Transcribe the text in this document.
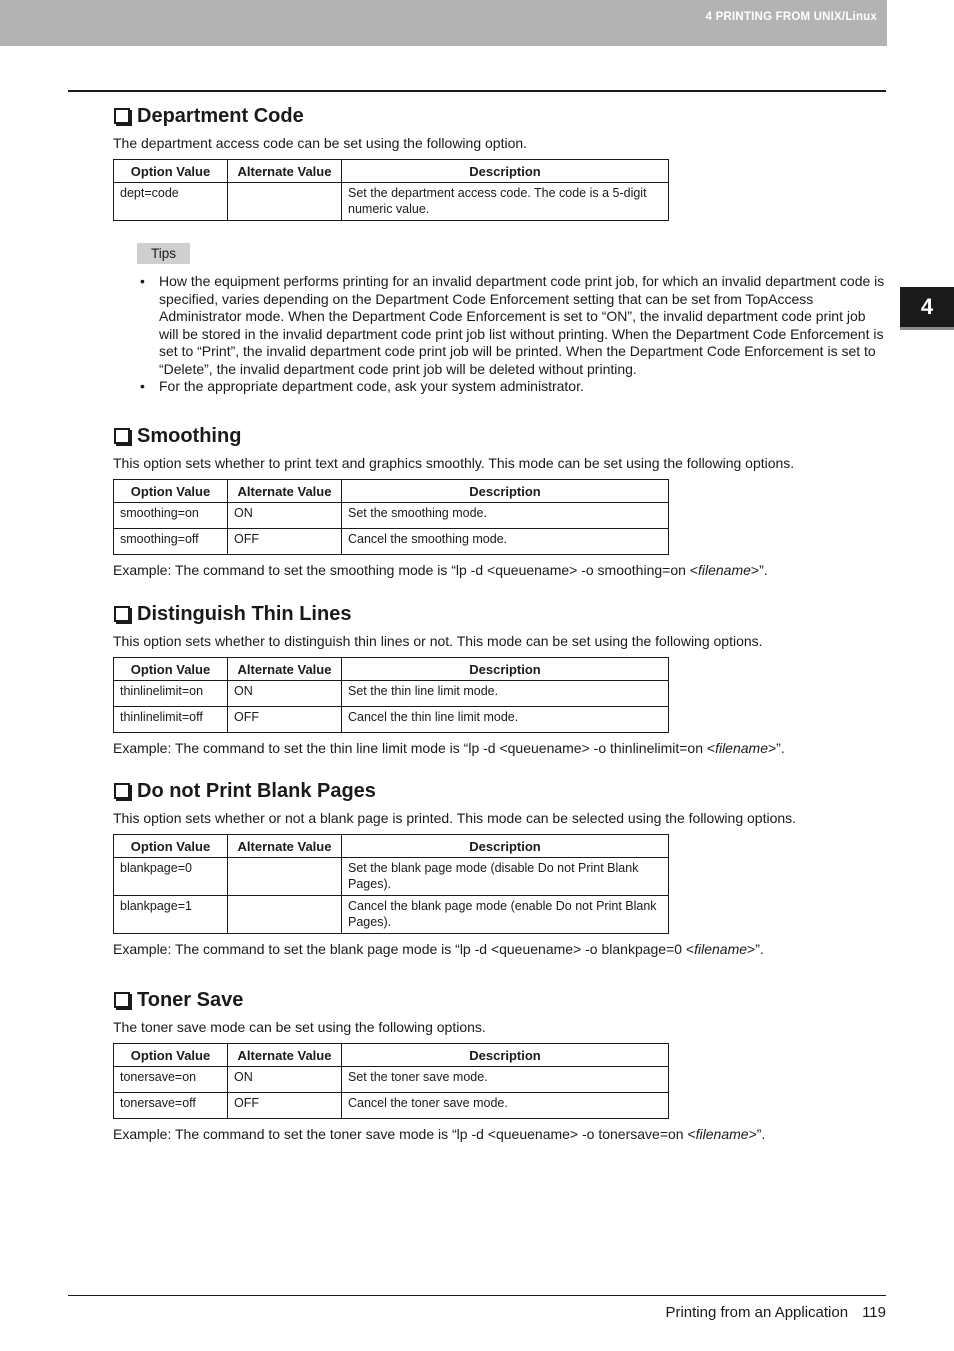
4 PRINTING FROM UNIX/Linux
4
Department Code
The department access code can be set using the following option.
Option Value	Alternate Value	Description
dept=code		Set the department access code. The code is a 5-digit numeric value.
Tips
• How the equipment performs printing for an invalid department code print job, for which an invalid department code is specified, varies depending on the Department Code Enforcement setting that can be set from TopAccess Administrator mode. When the Department Code Enforcement is set to “ON”, the invalid department code print job will be stored in the invalid department code print job list without printing. When the Department Code Enforcement is set to “Print”, the invalid department code print job will be printed. When the Department Code Enforcement is set to “Delete”, the invalid department code print job will be deleted without printing.
• For the appropriate department code, ask your system administrator.
Smoothing
This option sets whether to print text and graphics smoothly. This mode can be set using the following options.
Option Value	Alternate Value	Description
smoothing=on	ON	Set the smoothing mode.
smoothing=off	OFF	Cancel the smoothing mode.
Example: The command to set the smoothing mode is “lp -d <queuename> -o smoothing=on <filename>”.
Distinguish Thin Lines
This option sets whether to distinguish thin lines or not. This mode can be set using the following options.
Option Value	Alternate Value	Description
thinlinelimit=on	ON	Set the thin line limit mode.
thinlinelimit=off	OFF	Cancel the thin line limit mode.
Example: The command to set the thin line limit mode is “lp -d <queuename> -o thinlinelimit=on <filename>”.
Do not Print Blank Pages
This option sets whether or not a blank page is printed. This mode can be selected using the following options.
Option Value	Alternate Value	Description
blankpage=0		Set the blank page mode (disable Do not Print Blank Pages).
blankpage=1		Cancel the blank page mode (enable Do not Print Blank Pages).
Example: The command to set the blank page mode is “lp -d <queuename> -o blankpage=0 <filename>”.
Toner Save
The toner save mode can be set using the following options.
Option Value	Alternate Value	Description
tonersave=on	ON	Set the toner save mode.
tonersave=off	OFF	Cancel the toner save mode.
Example: The command to set the toner save mode is “lp -d <queuename> -o tonersave=on <filename>”.
Printing from an Application 119
